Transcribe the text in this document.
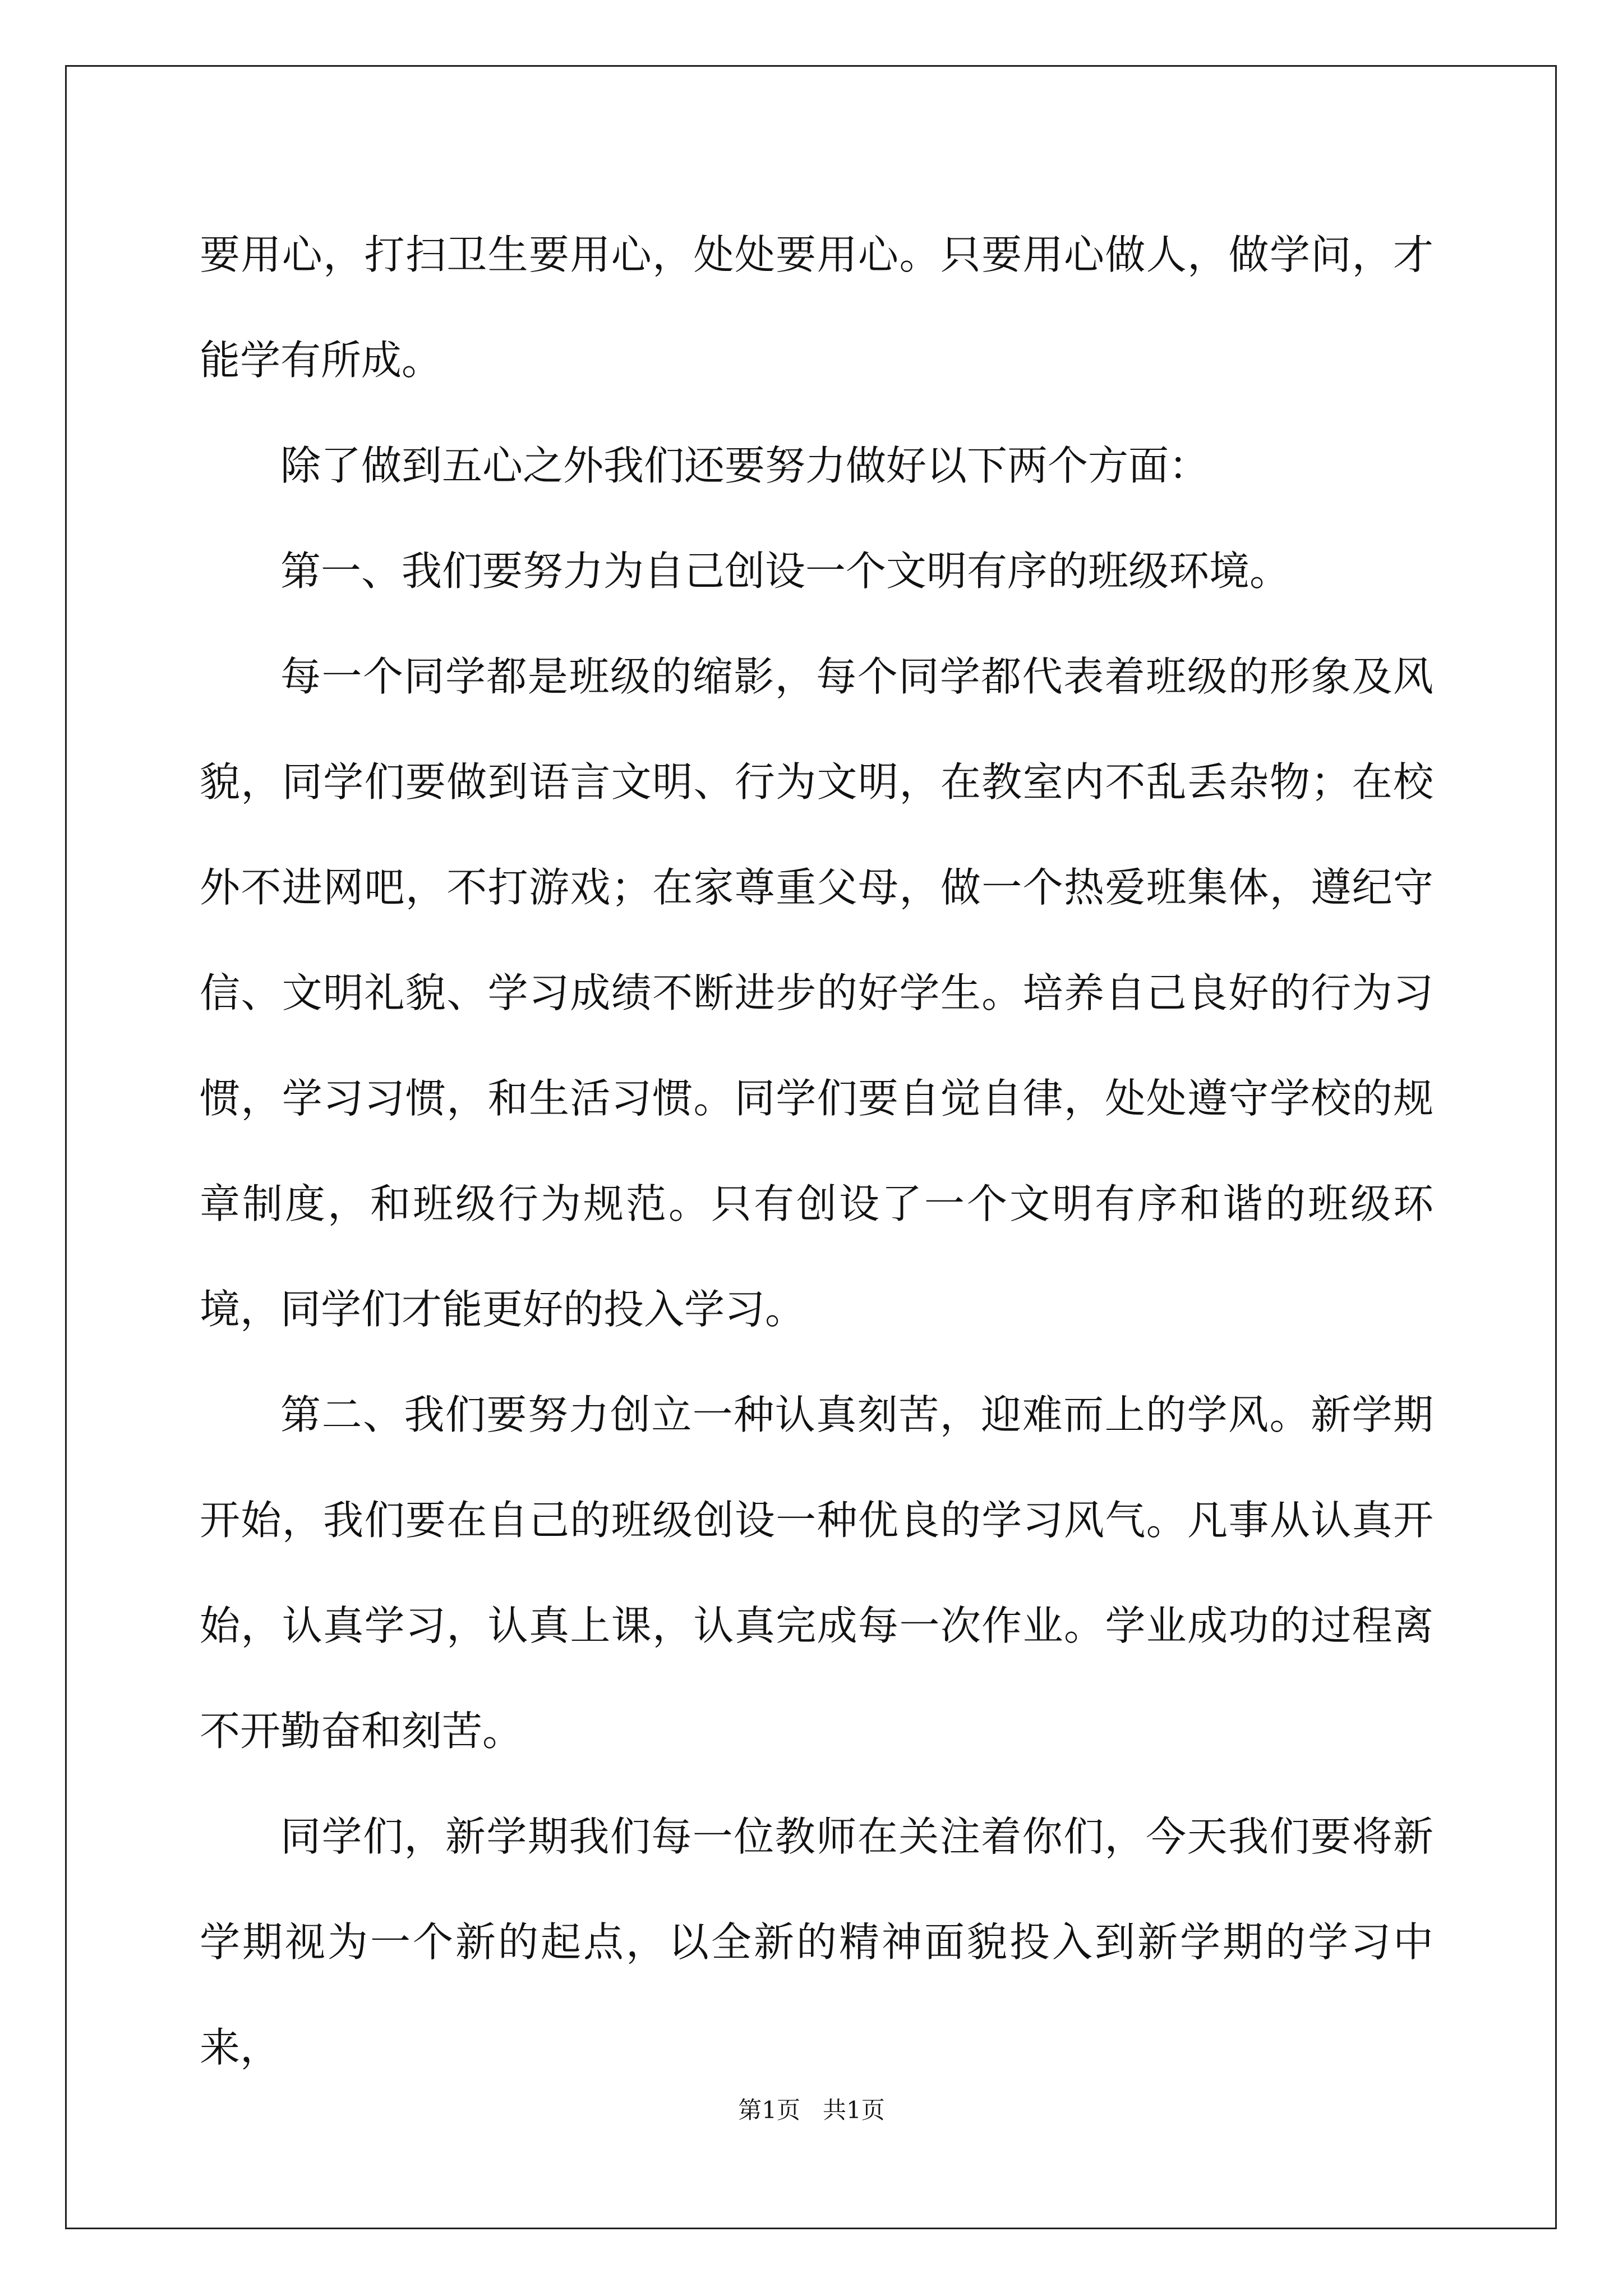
要用心，打扫卫生要用心，处处要用心。只要用心做人，做学问，才能学有所成。

除了做到五心之外我们还要努力做好以下两个方面：

第一、我们要努力为自己创设一个文明有序的班级环境。

每一个同学都是班级的缩影，每个同学都代表着班级的形象及风貌，同学们要做到语言文明、行为文明，在教室内不乱丢杂物；在校外不进网吧，不打游戏；在家尊重父母，做一个热爱班集体，遵纪守信、文明礼貌、学习成绩不断进步的好学生。培养自己良好的行为习惯，学习习惯，和生活习惯。同学们要自觉自律，处处遵守学校的规章制度，和班级行为规范。只有创设了一个文明有序和谐的班级环境，同学们才能更好的投入学习。

第二、我们要努力创立一种认真刻苦，迎难而上的学风。新学期开始，我们要在自己的班级创设一种优良的学习风气。凡事从认真开始，认真学习，认真上课，认真完成每一次作业。学业成功的过程离不开勤奋和刻苦。

同学们，新学期我们每一位教师在关注着你们，今天我们要将新学期视为一个新的起点，以全新的精神面貌投入到新学期的学习中来，

第1页 共1页
